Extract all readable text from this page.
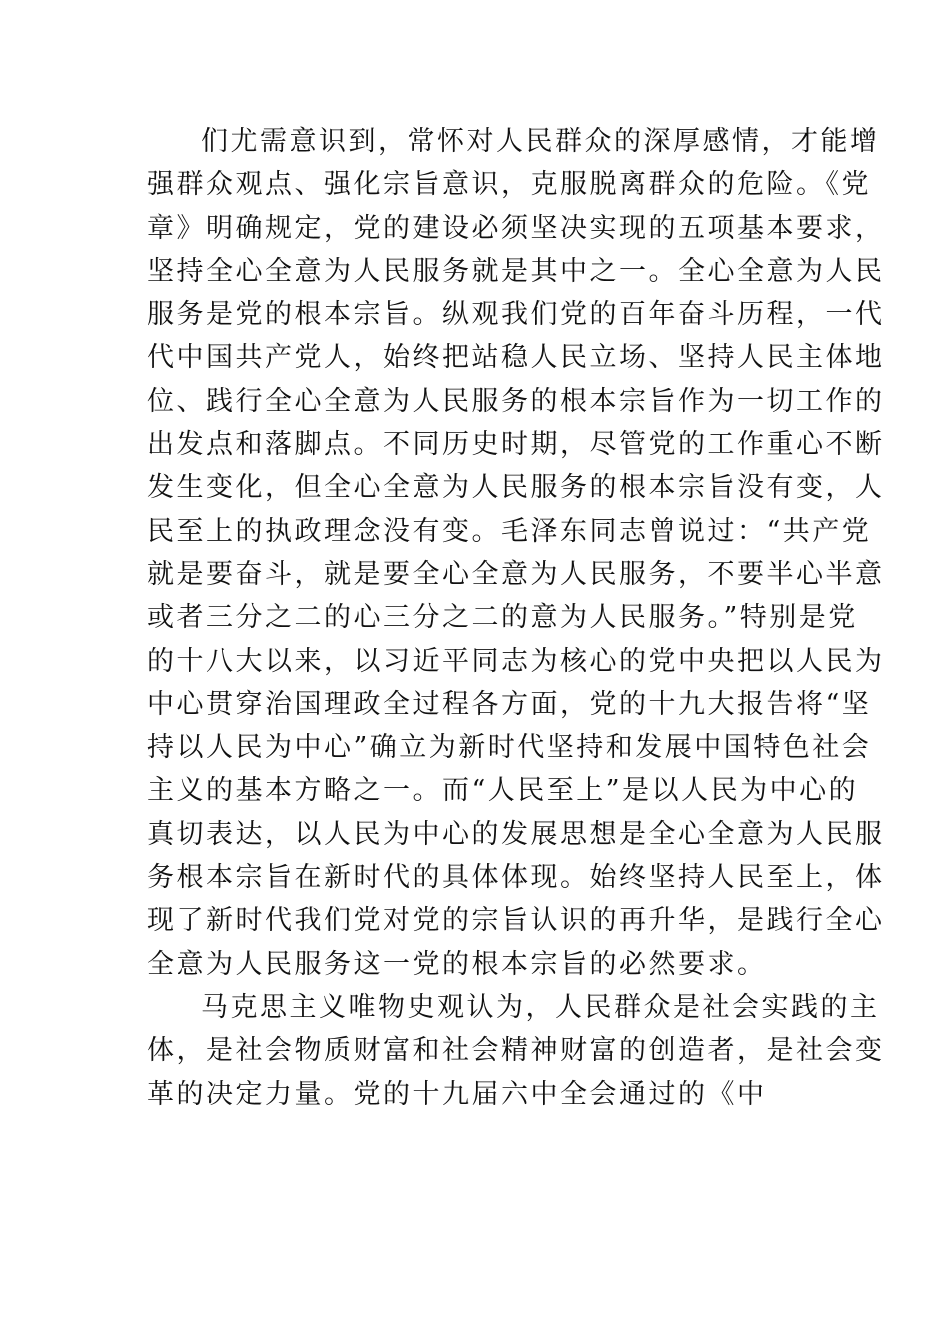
们尤需意识到，常怀对人民群众的深厚感情，才能增
强群众观点、强化宗旨意识，克服脱离群众的危险。《党
章》明确规定，党的建设必须坚决实现的五项基本要求，
坚持全心全意为人民服务就是其中之一。全心全意为人民
服务是党的根本宗旨。纵观我们党的百年奋斗历程，一代
代中国共产党人，始终把站稳人民立场、坚持人民主体地
位、践行全心全意为人民服务的根本宗旨作为一切工作的
出发点和落脚点。不同历史时期，尽管党的工作重心不断
发生变化，但全心全意为人民服务的根本宗旨没有变，人
民至上的执政理念没有变。毛泽东同志曾说过：“共产党
就是要奋斗，就是要全心全意为人民服务，不要半心半意
或者三分之二的心三分之二的意为人民服务。”特别是党
的十八大以来，以习近平同志为核心的党中央把以人民为
中心贯穿治国理政全过程各方面，党的十九大报告将“坚
持以人民为中心”确立为新时代坚持和发展中国特色社会
主义的基本方略之一。而“人民至上”是以人民为中心的
真切表达，以人民为中心的发展思想是全心全意为人民服
务根本宗旨在新时代的具体体现。始终坚持人民至上，体
现了新时代我们党对党的宗旨认识的再升华，是践行全心
全意为人民服务这一党的根本宗旨的必然要求。
马克思主义唯物史观认为，人民群众是社会实践的主
体，是社会物质财富和社会精神财富的创造者，是社会变
革的决定力量。党的十九届六中全会通过的《中
